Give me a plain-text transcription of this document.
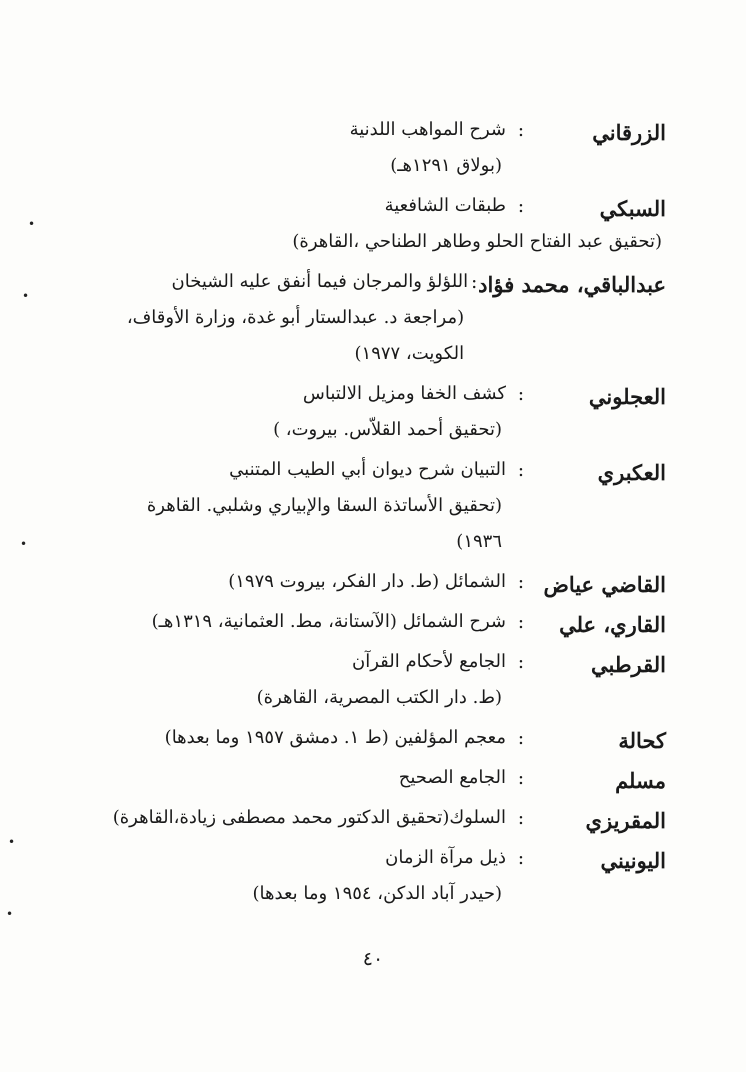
الزرقاني
:
شرح المواهب اللدنية
(بولاق ١٢٩١هـ)
السبكي
:
طبقات الشافعية
(تحقيق عبد الفتاح الحلو وطاهر الطناحي ،القاهرة)
عبدالباقي، محمد فؤاد
:
اللؤلؤ والمرجان فيما أنفق عليه الشيخان
(مراجعة د. عبدالستار أبو غدة، وزارة الأوقاف،
الكويت، ١٩٧٧)
العجلوني
:
كشف الخفا ومزيل الالتباس
(تحقيق أحمد القلاّس. بيروت، )
العكبري
:
التبيان شرح ديوان أبي الطيب المتنبي
(تحقيق الأساتذة السقا والإبياري وشلبي. القاهرة
١٩٣٦)
القاضي عياض
:
الشمائل (ط. دار الفكر، بيروت ١٩٧٩)
القاري، علي
:
شرح الشمائل (الآستانة، مط. العثمانية، ١٣١٩هـ)
القرطبي
:
الجامع لأحكام القرآن
(ط. دار الكتب المصرية، القاهرة)
كحالة
:
معجم المؤلفين (ط ١. دمشق ١٩٥٧ وما بعدها)
مسلم
:
الجامع الصحيح
المقريزي
:
السلوك(تحقيق الدكتور محمد مصطفى زيادة،القاهرة)
اليونيني
:
ذيل مرآة الزمان
(حيدر آباد الدكن، ١٩٥٤ وما بعدها)
٤٠
•
•
•
•
•
